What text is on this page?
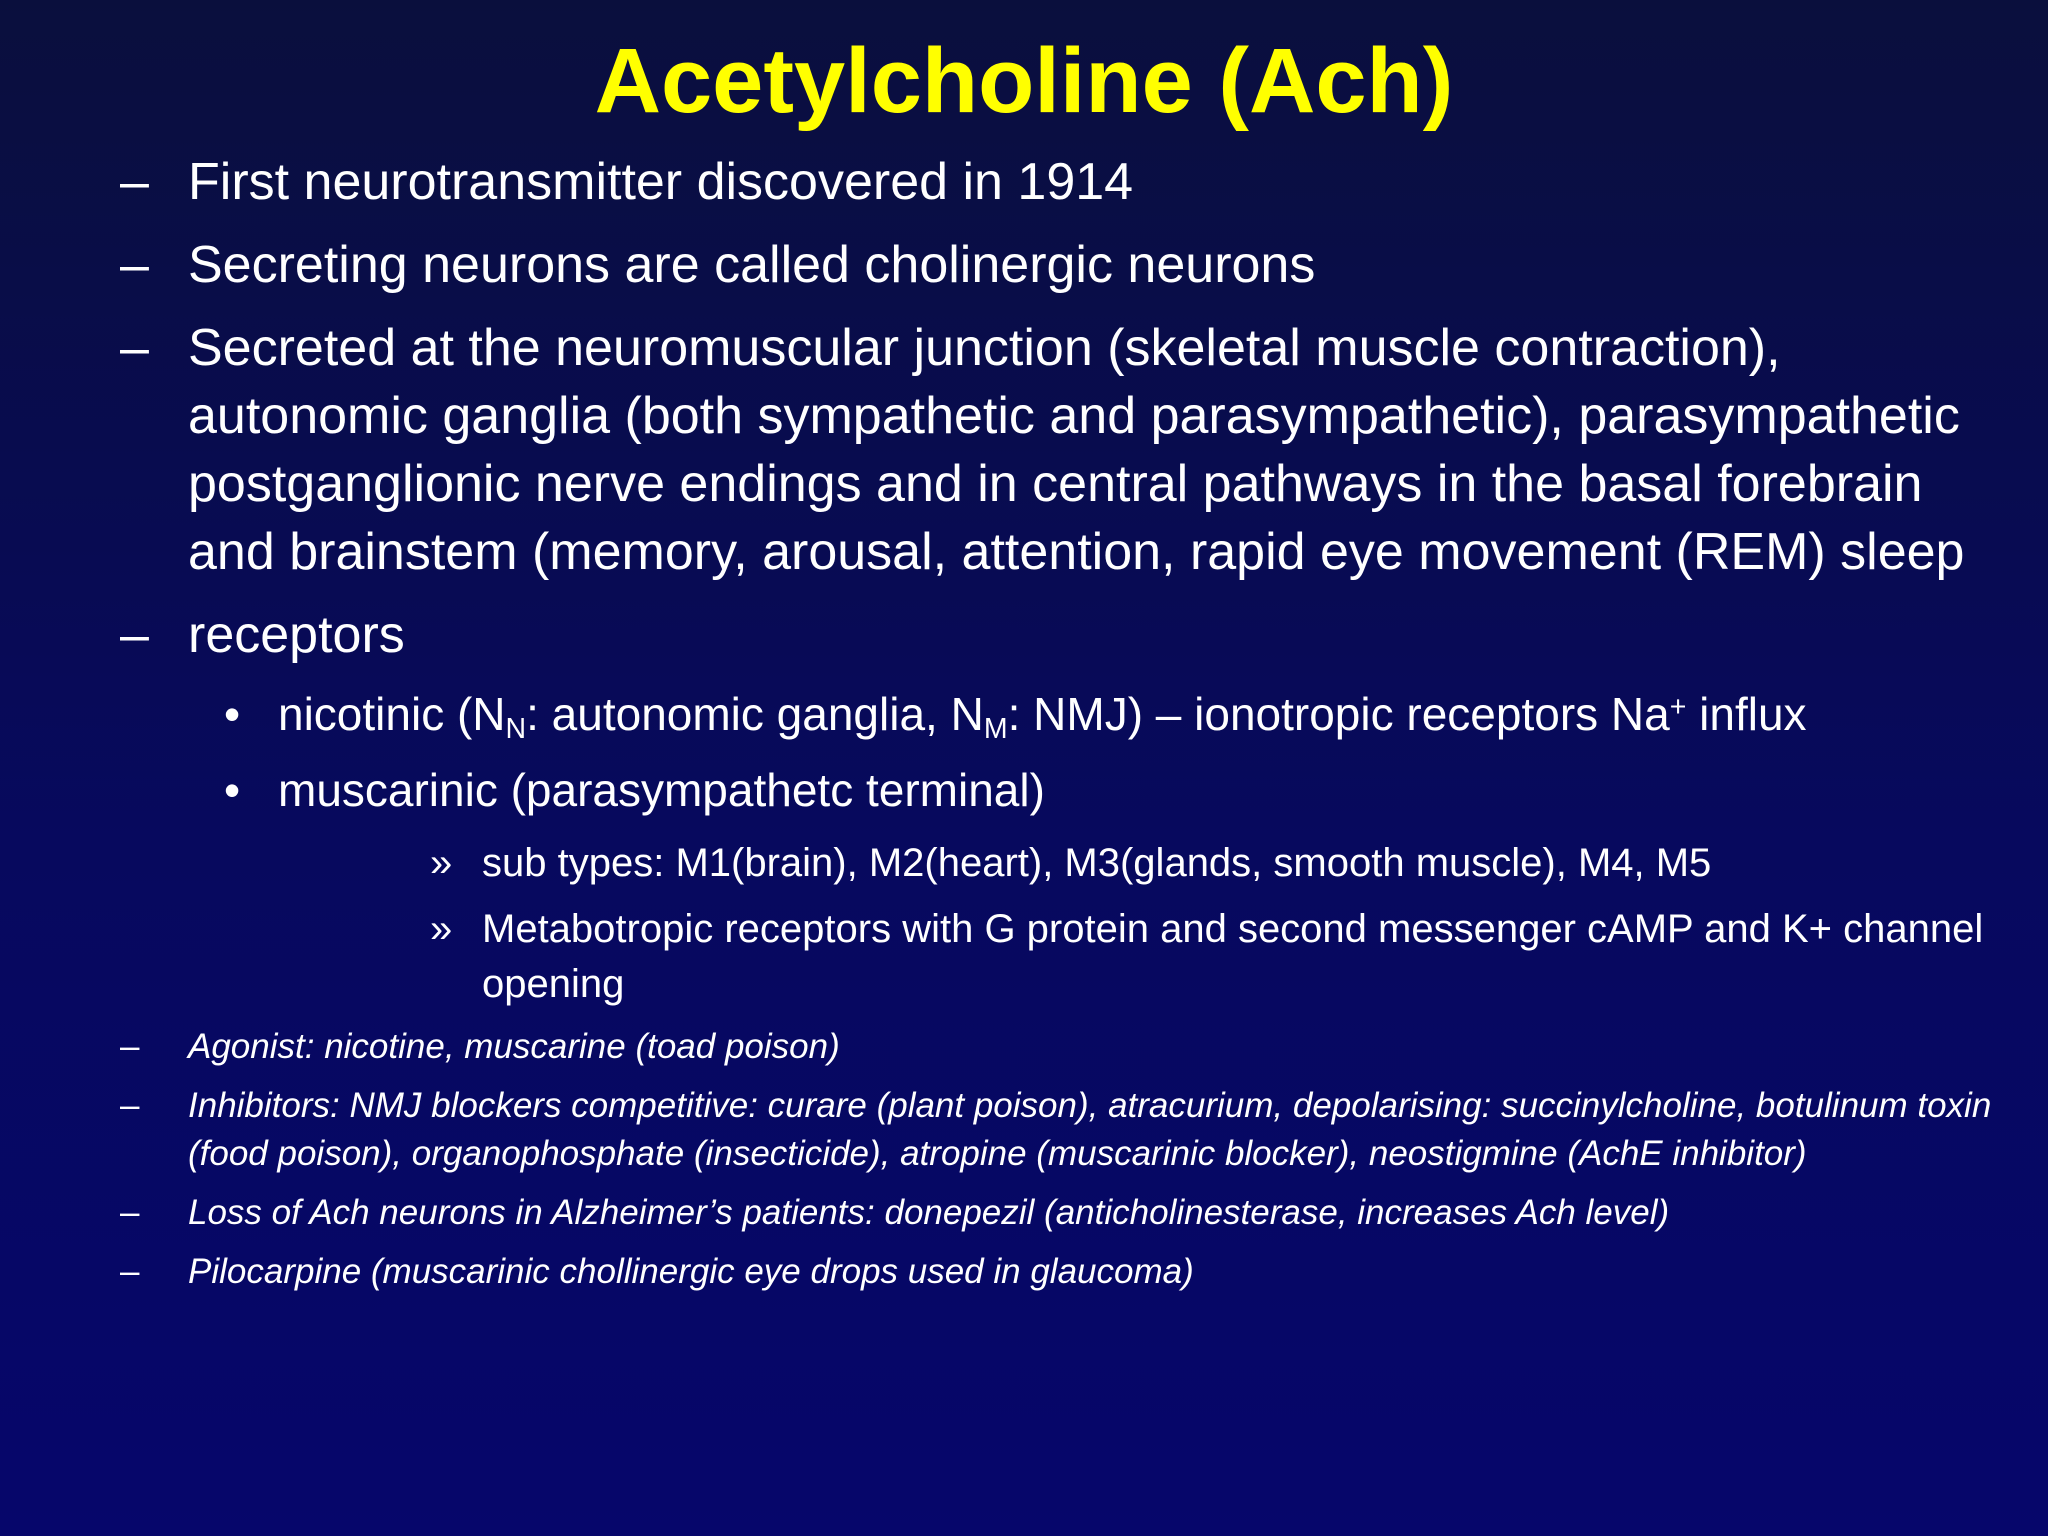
Acetylcholine (Ach)
– First neurotransmitter discovered in 1914
– Secreting neurons are called cholinergic neurons
– Secreted at the neuromuscular junction (skeletal muscle contraction), autonomic ganglia (both sympathetic and parasympathetic), parasympathetic postganglionic nerve endings and in central pathways in the basal forebrain and brainstem (memory, arousal, attention, rapid eye movement (REM) sleep
– receptors
• nicotinic ($N_N$: autonomic ganglia, $N_M$: NMJ) – ionotropic receptors Na+ influx
• muscarinic (parasympathetc terminal)
» sub types: M1(brain), M2(heart), M3(glands, smooth muscle), M4, M5
» Metabotropic receptors with G protein and second messenger cAMP and K+ channel opening
–	Agonist: nicotine, muscarine (toad poison)
–	Inhibitors: NMJ blockers competitive: curare (plant poison), atracurium, depolarising: succinylcholine, botulinum toxin (food poison), organophosphate (insecticide), atropine (muscarinic blocker), neostigmine (AchE inhibitor)
–	Loss of Ach neurons in Alzheimer’s patients: donepezil (anticholinesterase, increases Ach level)
–	Pilocarpine (muscarinic chollinergic eye drops used in glaucoma)
